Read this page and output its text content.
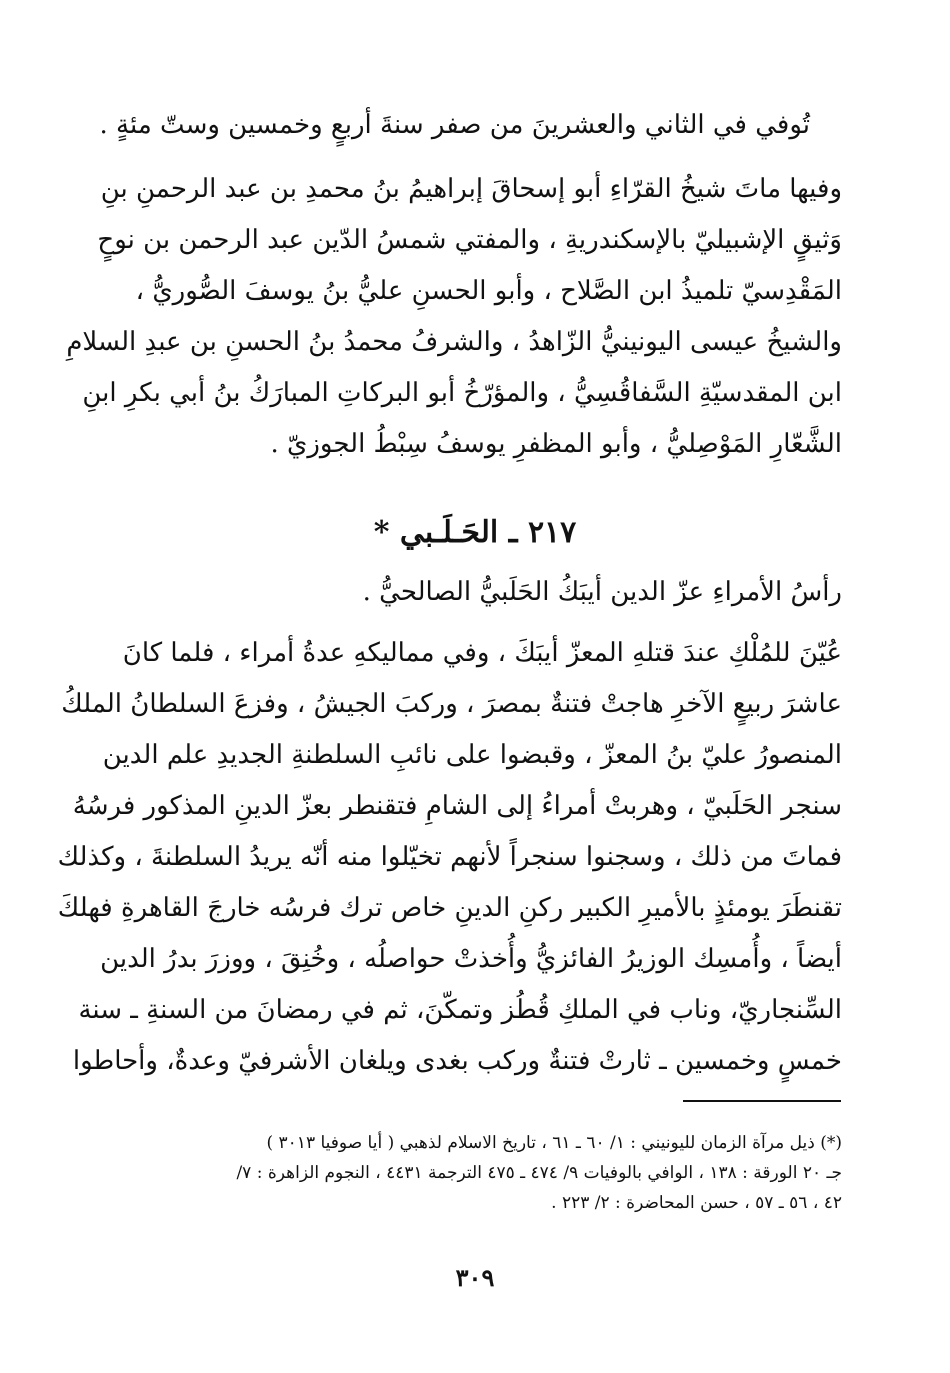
تُوفي في الثاني والعشرينَ من صفر سنةَ أربعٍ وخمسين وستّ مئةٍ .
وفيها ماتَ شيخُ القرّاءِ أبو إسحاقَ إبراهيمُ بنُ محمدِ بن عبد الرحمنِ بنِ
وَثيقٍ الإشبيليّ بالإسكندريةِ ، والمفتي شمسُ الدّين عبد الرحمن بن نوحٍ
المَقْدِسيّ تلميذُ ابن الصَّلاح ، وأبو الحسنِ عليُّ بنُ يوسفَ الصُّوريُّ ،
والشيخُ عيسى اليونينيُّ الزّاهدُ ، والشرفُ محمدُ بنُ الحسنِ بن عبدِ السلامِ
ابن المقدسيّةِ السَّفاقُسِيُّ ، والمؤرّخُ أبو البركاتِ المبارَكُ بنُ أبي بكرِ ابنِ
الشَّعّارِ المَوْصِليُّ ، وأبو المظفرِ يوسفُ سِبْطُ الجوزيّ .
٢١٧ ـ الحَـلَـبي *
رأسُ الأمراءِ عزّ الدين أيبَكُ الحَلَبيُّ الصالحيُّ .
عُيّنَ للمُلْكِ عندَ قتلهِ المعزّ أيبَكَ ، وفي مماليكهِ عدةُ أمراء ، فلما كانَ
عاشرَ ربيعٍ الآخرِ هاجتْ فتنةٌ بمصرَ ، وركبَ الجيشُ ، وفزعَ السلطانُ الملكُ
المنصورُ عليّ بنُ المعزّ ، وقبضوا على نائبِ السلطنةِ الجديدِ علم الدين
سنجر الحَلَبيّ ، وهربتْ أمراءُ إلى الشامِ فتقنطر بعزّ الدينِ المذكور فرسُهُ
فماتَ من ذلك ، وسجنوا سنجراً لأنهم تخيّلوا منه أنّه يريدُ السلطنةَ ، وكذلك
تقنطَرَ يومئذٍ بالأميرِ الكبير ركنِ الدينِ خاص ترك فرسُه خارجَ القاهرةِ فهلكَ
أيضاً ، وأُمسِك الوزيرُ الفائزيُّ وأُخذتْ حواصلُه ، وخُنِقَ ، ووزرَ بدرُ الدين
السِّنجاريّ، وناب في الملكِ قُطُز وتمكّنَ، ثم في رمضانَ من السنةِ ـ سنة
خمسٍ وخمسين ـ ثارتْ فتنةٌ وركب بغدى ويلغان الأشرفيّ وعدةٌ، وأحاطوا
(*) ذيل مرآة الزمان لليونيني : ١/ ٦٠ ـ ٦١ ، تاريخ الاسلام لذهبي ( أيا صوفيا ٣٠١٣ )
جـ ٢٠ الورقة : ١٣٨ ، الوافي بالوفيات ٩/ ٤٧٤ ـ ٤٧٥ الترجمة ٤٤٣١ ، النجوم الزاهرة : ٧/
٤٢ ، ٥٦ ـ ٥٧ ، حسن المحاضرة : ٢/ ٢٢٣ .
٣٠٩
